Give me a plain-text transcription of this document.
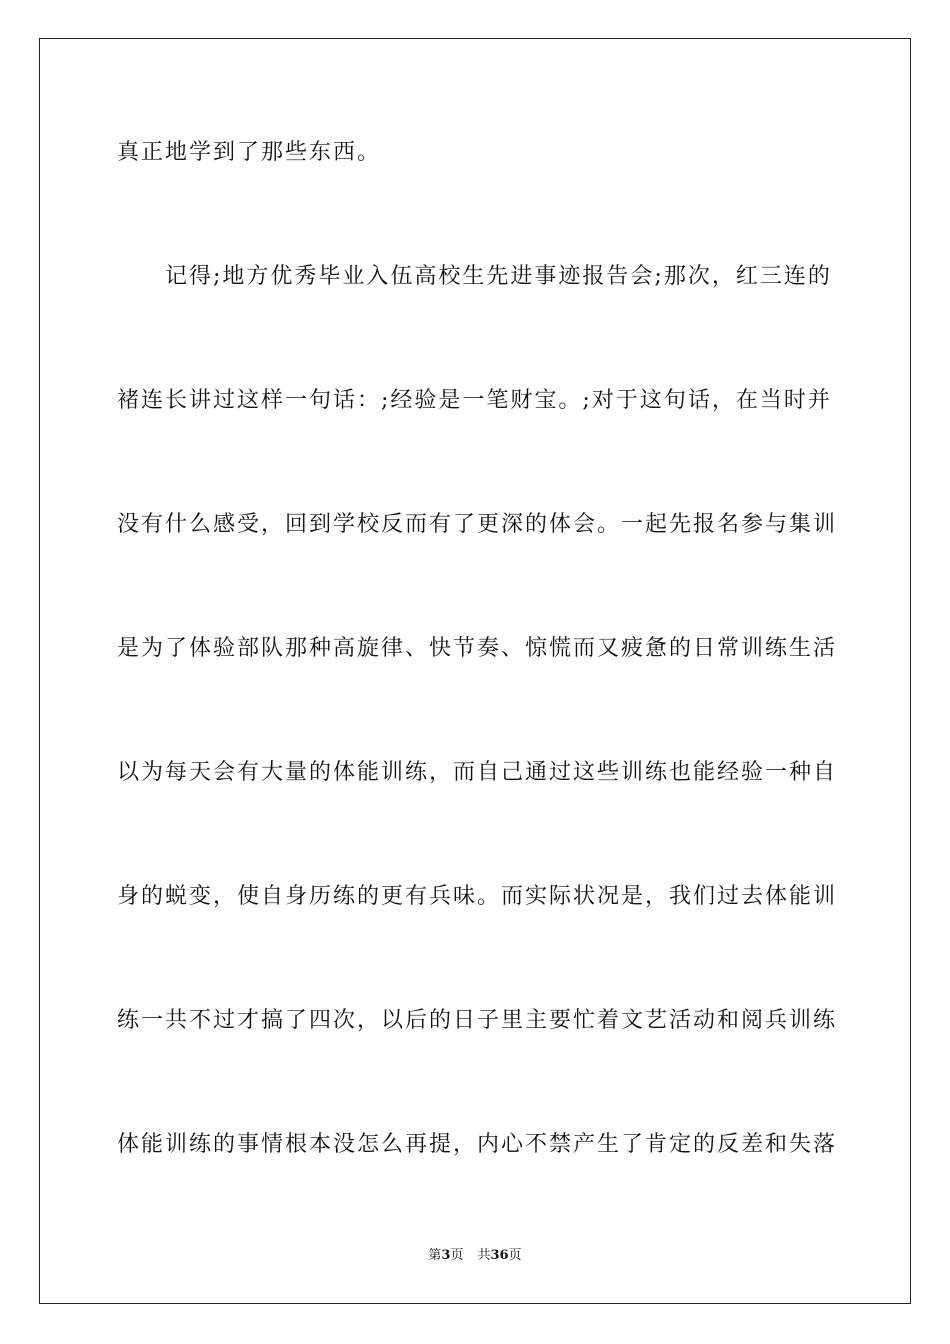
真正地学到了那些东西。
记得;地方优秀毕业入伍高校生先进事迹报告会;那次，红三连的
褚连长讲过这样一句话：;经验是一笔财宝。;对于这句话，在当时并
没有什么感受，回到学校反而有了更深的体会。一起先报名参与集训
是为了体验部队那种高旋律、快节奏、惊慌而又疲惫的日常训练生活
以为每天会有大量的体能训练，而自己通过这些训练也能经验一种自
身的蜕变，使自身历练的更有兵味。而实际状况是，我们过去体能训
练一共不过才搞了四次，以后的日子里主要忙着文艺活动和阅兵训练
体能训练的事情根本没怎么再提，内心不禁产生了肯定的反差和失落
第3页 共36页
